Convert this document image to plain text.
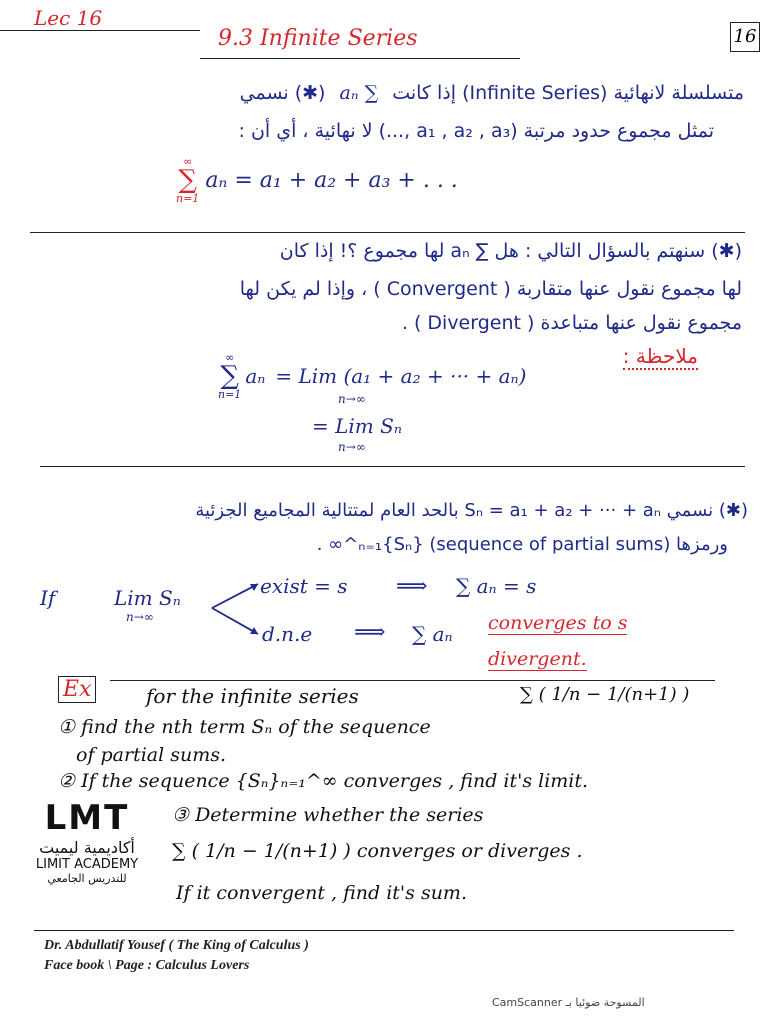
Lec 16
9.3 Infinite Series	16
متسلسلة لانهائية (Infinite Series) إذا كانت ∑ aₙ (✱) نسمي
تمثل مجموع حدود مرتبة (a₁ , a₂ , a₃ ,...) لا نهائية ، أي أن :
∞
∑
n=1
aₙ = a₁ + a₂ + a₃ + . . .
(✱) سنهتم بالسؤال التالي : هل ∑ aₙ لها مجموع ؟! إذا كان
لها مجموع نقول عنها متقاربة ( Convergent ) ، وإذا لم يكن لها
مجموع نقول عنها متباعدة ( Divergent ) .
ملاحظة :
∞
∑
n=1
aₙ = Lim (a₁ + a₂ + ··· + aₙ)
n→∞
= Lim Sₙ
n→∞
(✱) نسمي Sₙ = a₁ + a₂ + ··· + aₙ بالحد العام لمتتالية المجاميع الجزئية
ورمزها (sequence of partial sums) {Sₙ}ₙ₌₁^∞ .
If	Lim Sₙ
n→∞
exist = s ⟹ ∑ aₙ = s
d.n.e ⟹ ∑ aₙ converges to s
divergent.
Ex	for the infinite series	∑ ( 1/n − 1/(n+1) )
① find the nth term Sₙ of the sequence
of partial sums.
② If the sequence {Sₙ}ₙ₌₁^∞ converges , find it's limit.
③ Determine whether the series
∑ ( 1/n − 1/(n+1) ) converges or diverges .
If it convergent , find it's sum.
LMT
أكاديمية ليميت
LIMIT ACADEMY
للتدريس الجامعي
Dr. Abdullatif Yousef ( The King of Calculus )
Face book \ Page : Calculus Lovers
CamScanner المسوحة ضوئيا بـ
